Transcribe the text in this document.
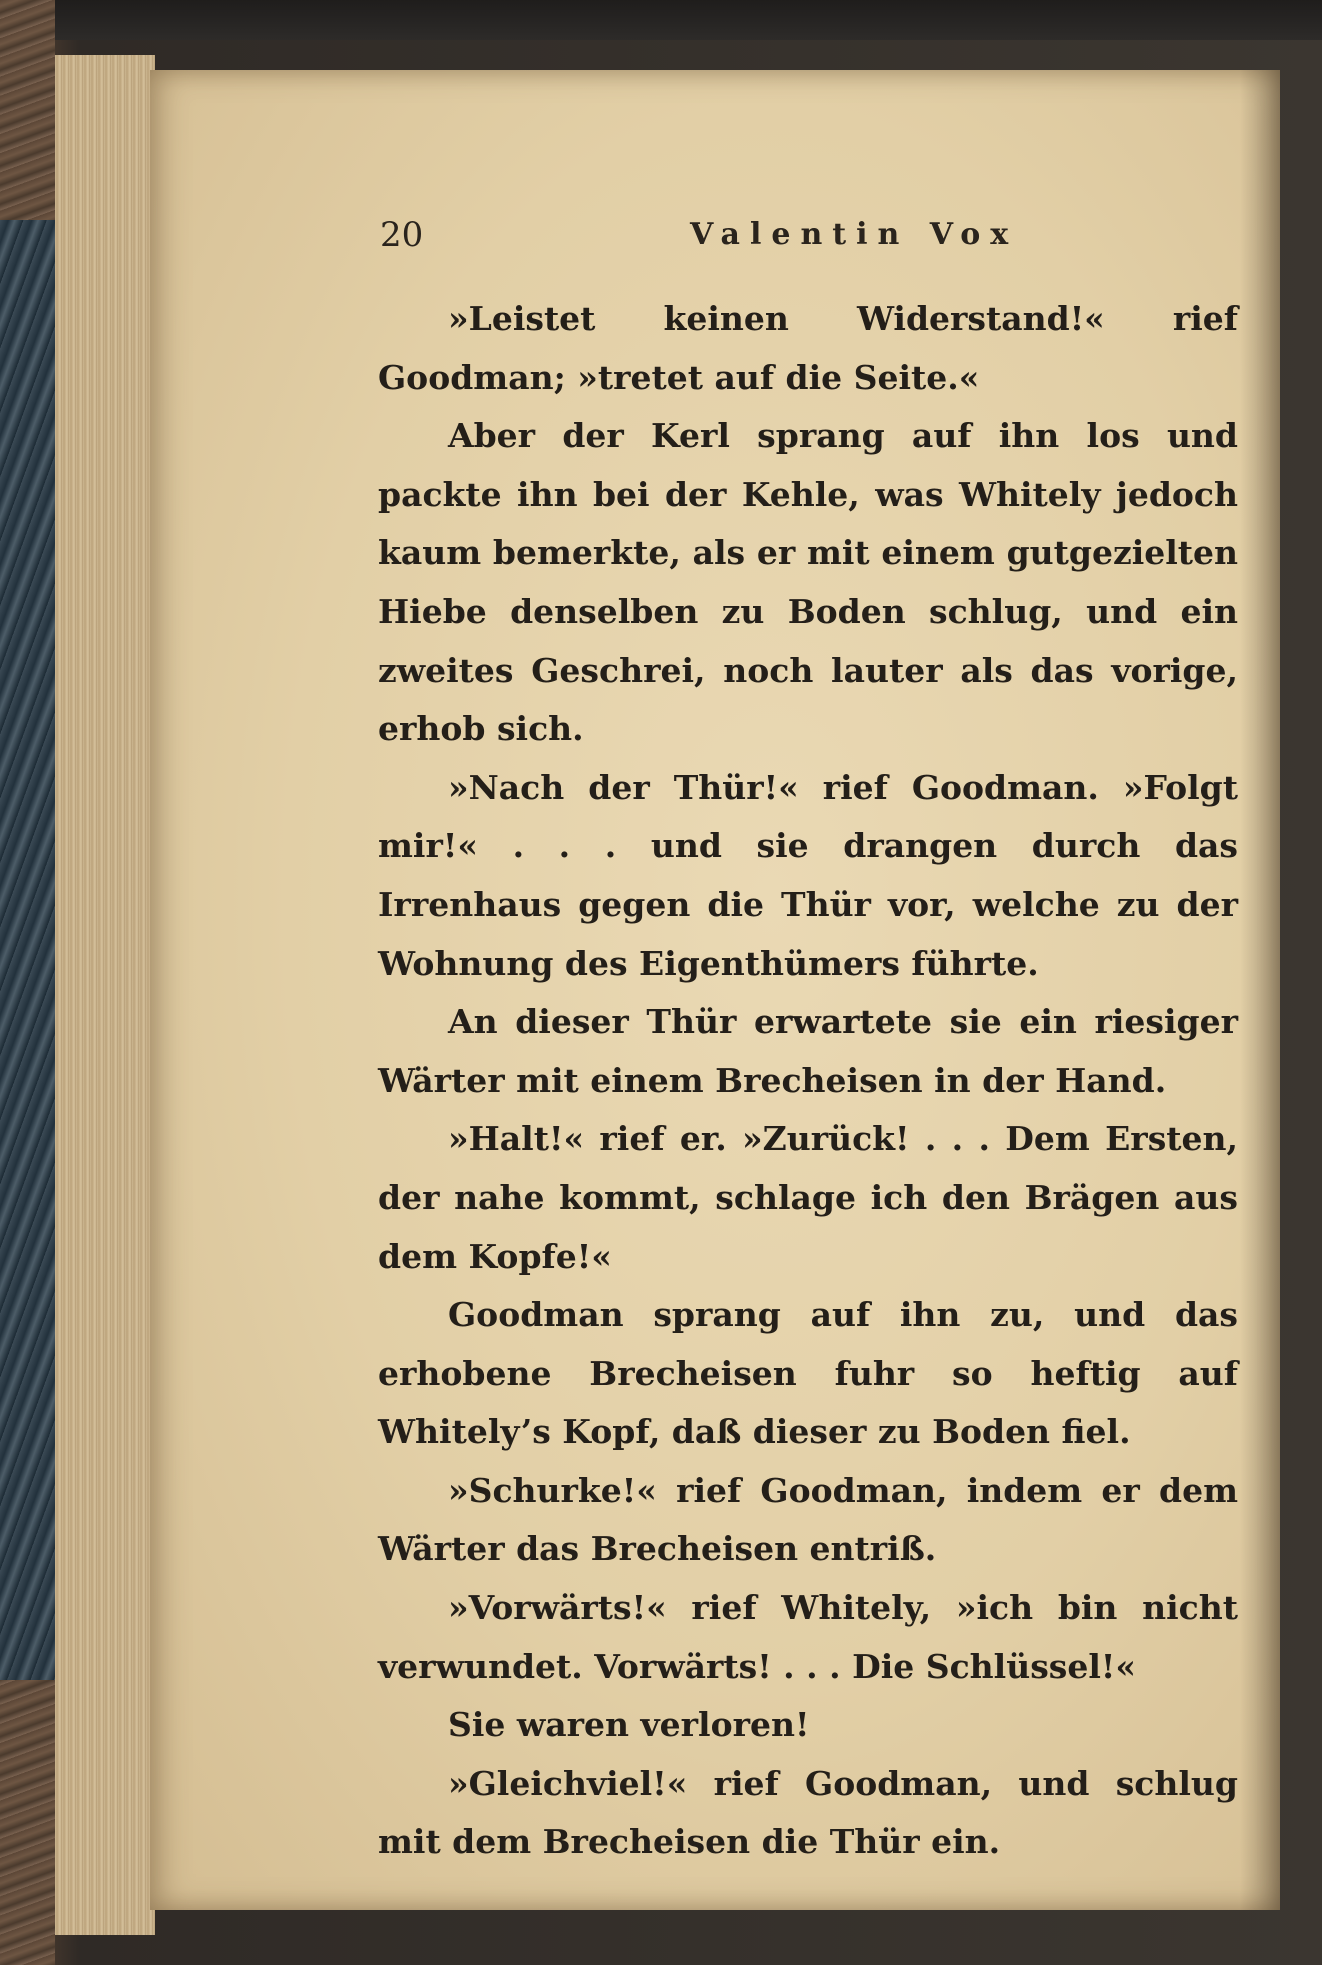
20	Valentin Vox

»Leistet keinen Widerstand!« rief Goodman; »tretet auf die Seite.«

Aber der Kerl sprang auf ihn los und packte ihn bei der Kehle, was Whitely jedoch kaum bemerkte, als er mit einem gutgezielten Hiebe denselben zu Boden schlug, und ein zweites Geschrei, noch lauter als das vorige, erhob sich.

»Nach der Thür!« rief Goodman. »Folgt mir!« . . . und sie drangen durch das Irrenhaus gegen die Thür vor, welche zu der Wohnung des Eigenthümers führte.

An dieser Thür erwartete sie ein riesiger Wärter mit einem Brecheisen in der Hand.

»Halt!« rief er. »Zurück! . . . Dem Ersten, der nahe kommt, schlage ich den Brägen aus dem Kopfe!«

Goodman sprang auf ihn zu, und das erhobene Brecheisen fuhr so heftig auf Whitely’s Kopf, daß dieser zu Boden fiel.

»Schurke!« rief Goodman, indem er dem Wärter das Brecheisen entriß.

»Vorwärts!« rief Whitely, »ich bin nicht verwundet. Vorwärts! . . . Die Schlüssel!«

Sie waren verloren!

»Gleichviel!« rief Goodman, und schlug mit dem Brecheisen die Thür ein.
